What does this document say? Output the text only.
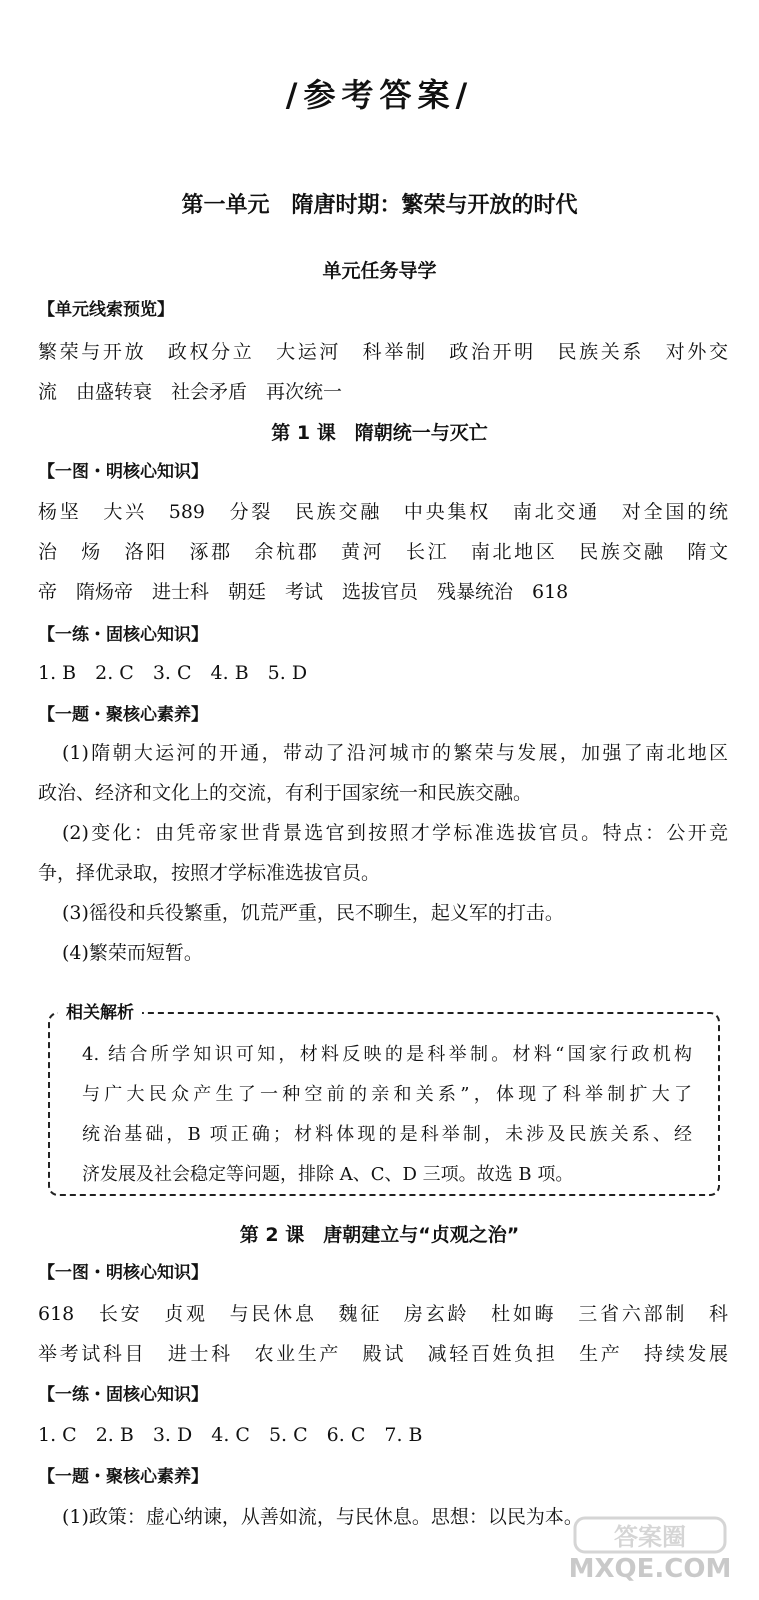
/参考答案/
第一单元　隋唐时期：繁荣与开放的时代
单元任务导学
【单元线索预览】
繁荣与开放　政权分立　大运河　科举制　政治开明　民族关系　对外交
流　由盛转衰　社会矛盾　再次统一
第 1 课　隋朝统一与灭亡
【一图・明核心知识】
杨坚　大兴　589　分裂　民族交融　中央集权　南北交通　对全国的统
治　炀　洛阳　涿郡　余杭郡　黄河　长江　南北地区　民族交融　隋文
帝　隋炀帝　进士科　朝廷　考试　选拔官员　残暴统治　618
【一练・固核心知识】
1. B　2. C　3. C　4. B　5. D
【一题・聚核心素养】
(1)隋朝大运河的开通，带动了沿河城市的繁荣与发展，加强了南北地区
政治、经济和文化上的交流，有利于国家统一和民族交融。
(2)变化：由凭帝家世背景选官到按照才学标准选拔官员。特点：公开竞
争，择优录取，按照才学标准选拔官员。
(3)徭役和兵役繁重，饥荒严重，民不聊生，起义军的打击。
(4)繁荣而短暂。
相关解析
4. 结合所学知识可知，材料反映的是科举制。材料“国家行政机构
与广大民众产生了一种空前的亲和关系”，体现了科举制扩大了
统治基础，B 项正确；材料体现的是科举制，未涉及民族关系、经
济发展及社会稳定等问题，排除 A、C、D 三项。故选 B 项。
第 2 课　唐朝建立与“贞观之治”
【一图・明核心知识】
618　长安　贞观　与民休息　魏征　房玄龄　杜如晦　三省六部制　科
举考试科目　进士科　农业生产　殿试　减轻百姓负担　生产　持续发展
【一练・固核心知识】
1. C　2. B　3. D　4. C　5. C　6. C　7. B
【一题・聚核心素养】
(1)政策：虚心纳谏，从善如流，与民休息。思想：以民为本。
答案圈
MXQE.COM
